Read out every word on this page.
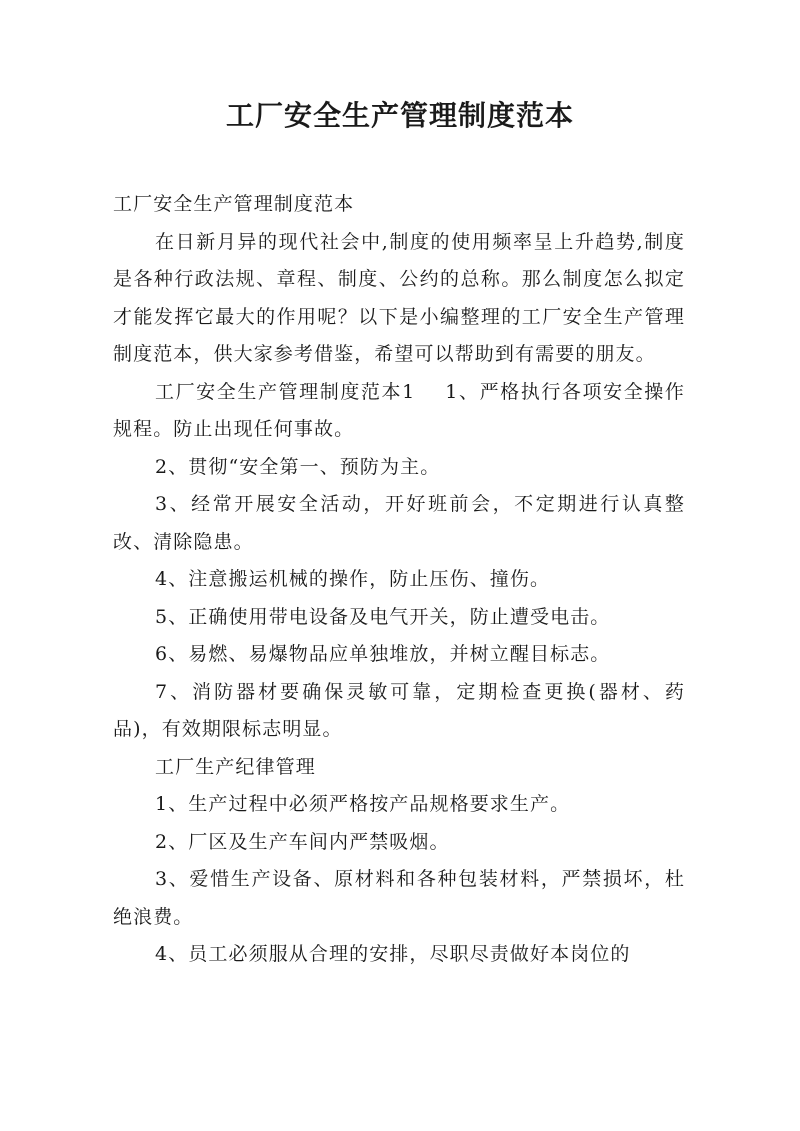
工厂安全生产管理制度范本

工厂安全生产管理制度范本

在日新月异的现代社会中,制度的使用频率呈上升趋势,制度是各种行政法规、章程、制度、公约的总称。那么制度怎么拟定才能发挥它最大的作用呢？以下是小编整理的工厂安全生产管理制度范本，供大家参考借鉴，希望可以帮助到有需要的朋友。

工厂安全生产管理制度范本1 1、严格执行各项安全操作规程。防止出现任何事故。

2、贯彻“安全第一、预防为主。

3、经常开展安全活动，开好班前会，不定期进行认真整改、清除隐患。

4、注意搬运机械的操作，防止压伤、撞伤。

5、正确使用带电设备及电气开关，防止遭受电击。

6、易燃、易爆物品应单独堆放，并树立醒目标志。

7、消防器材要确保灵敏可靠，定期检查更换(器材、药品)，有效期限标志明显。

工厂生产纪律管理

1、生产过程中必须严格按产品规格要求生产。

2、厂区及生产车间内严禁吸烟。

3、爱惜生产设备、原材料和各种包装材料，严禁损坏，杜绝浪费。

4、员工必须服从合理的安排，尽职尽责做好本岗位的
